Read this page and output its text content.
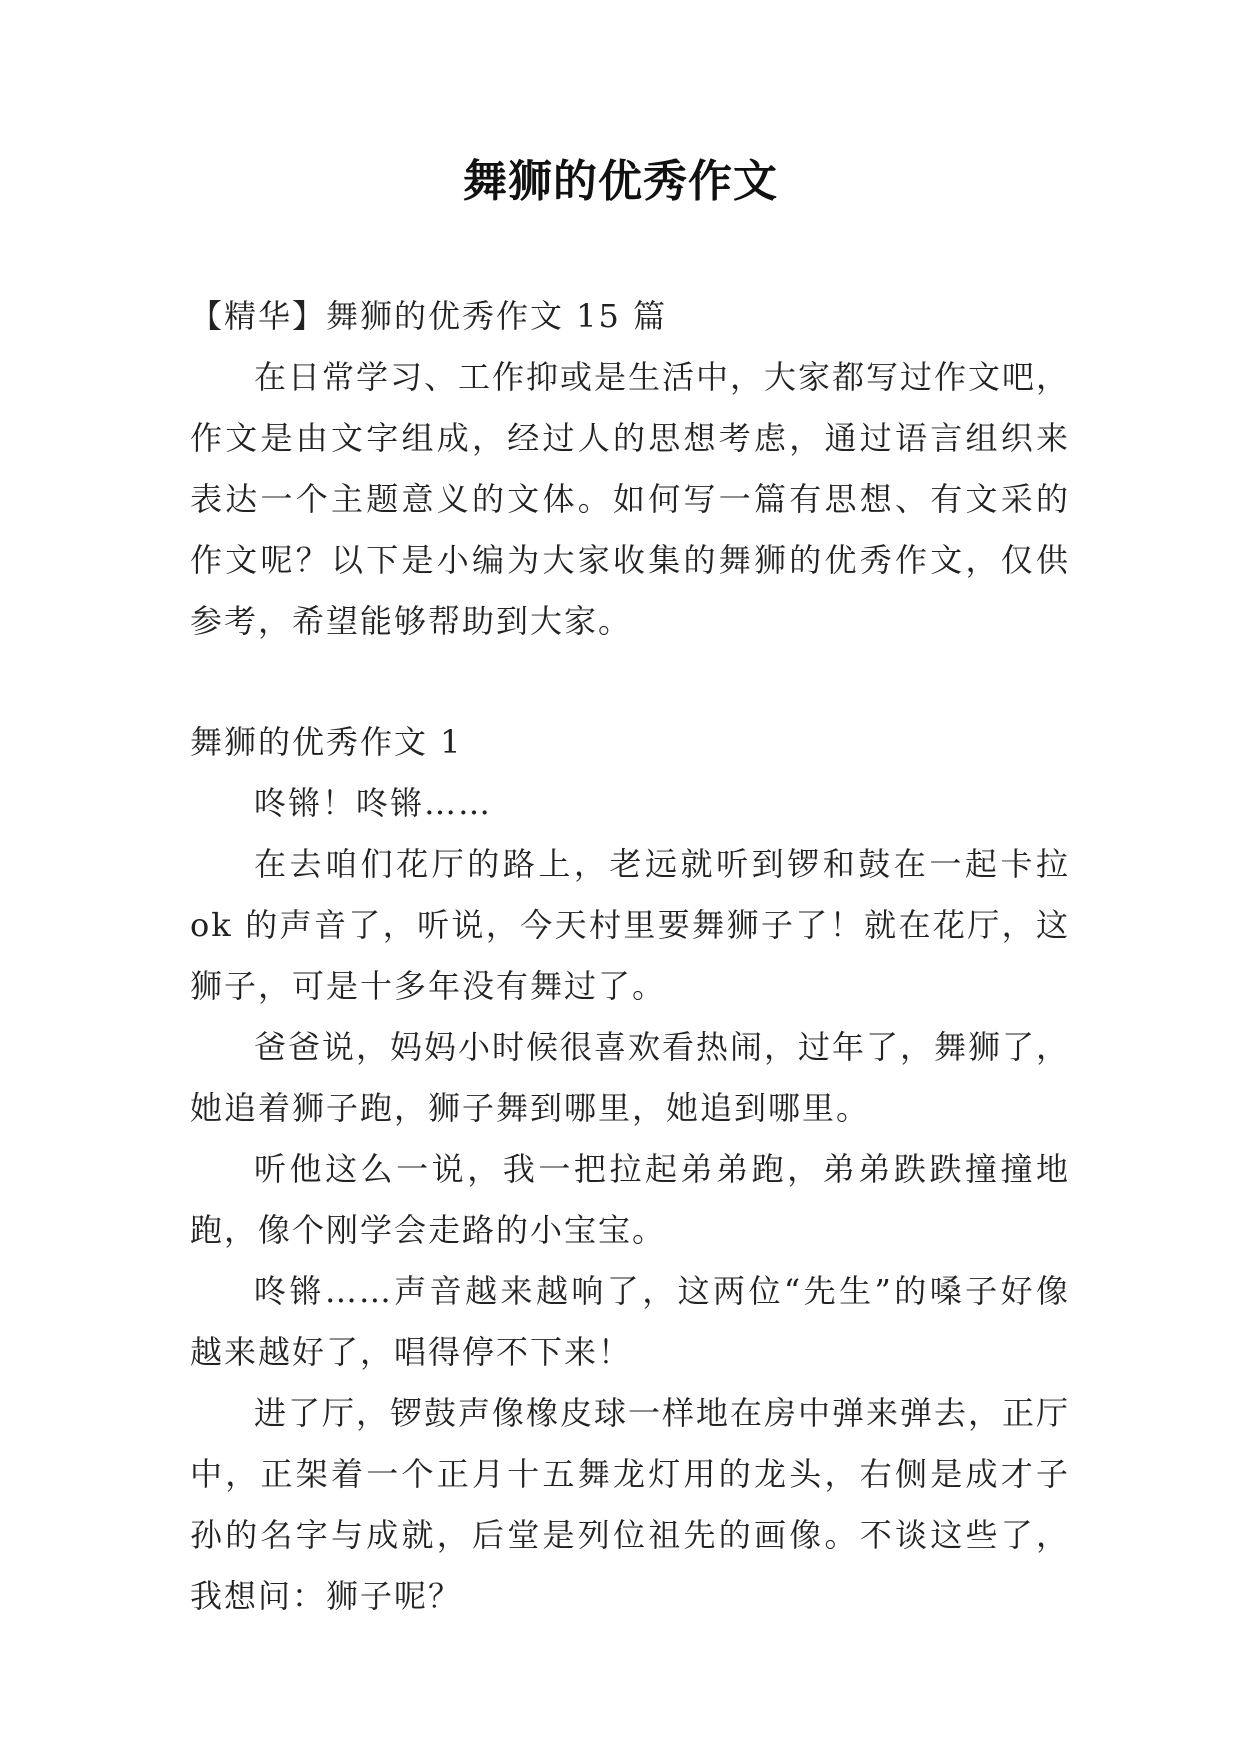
舞狮的优秀作文

【精华】舞狮的优秀作文 15 篇

在日常学习、工作抑或是生活中，大家都写过作文吧，作文是由文字组成，经过人的思想考虑，通过语言组织来表达一个主题意义的文体。如何写一篇有思想、有文采的作文呢？以下是小编为大家收集的舞狮的优秀作文，仅供参考，希望能够帮助到大家。

舞狮的优秀作文 1

咚锵！咚锵……

在去咱们花厅的路上，老远就听到锣和鼓在一起卡拉 ok 的声音了，听说，今天村里要舞狮子了！就在花厅，这狮子，可是十多年没有舞过了。

爸爸说，妈妈小时候很喜欢看热闹，过年了，舞狮了，她追着狮子跑，狮子舞到哪里，她追到哪里。

听他这么一说，我一把拉起弟弟跑，弟弟跌跌撞撞地跑，像个刚学会走路的小宝宝。

咚锵……声音越来越响了，这两位“先生”的嗓子好像越来越好了，唱得停不下来！

进了厅，锣鼓声像橡皮球一样地在房中弹来弹去，正厅中，正架着一个正月十五舞龙灯用的龙头，右侧是成才子孙的名字与成就，后堂是列位祖先的画像。不谈这些了，我想问：狮子呢？
